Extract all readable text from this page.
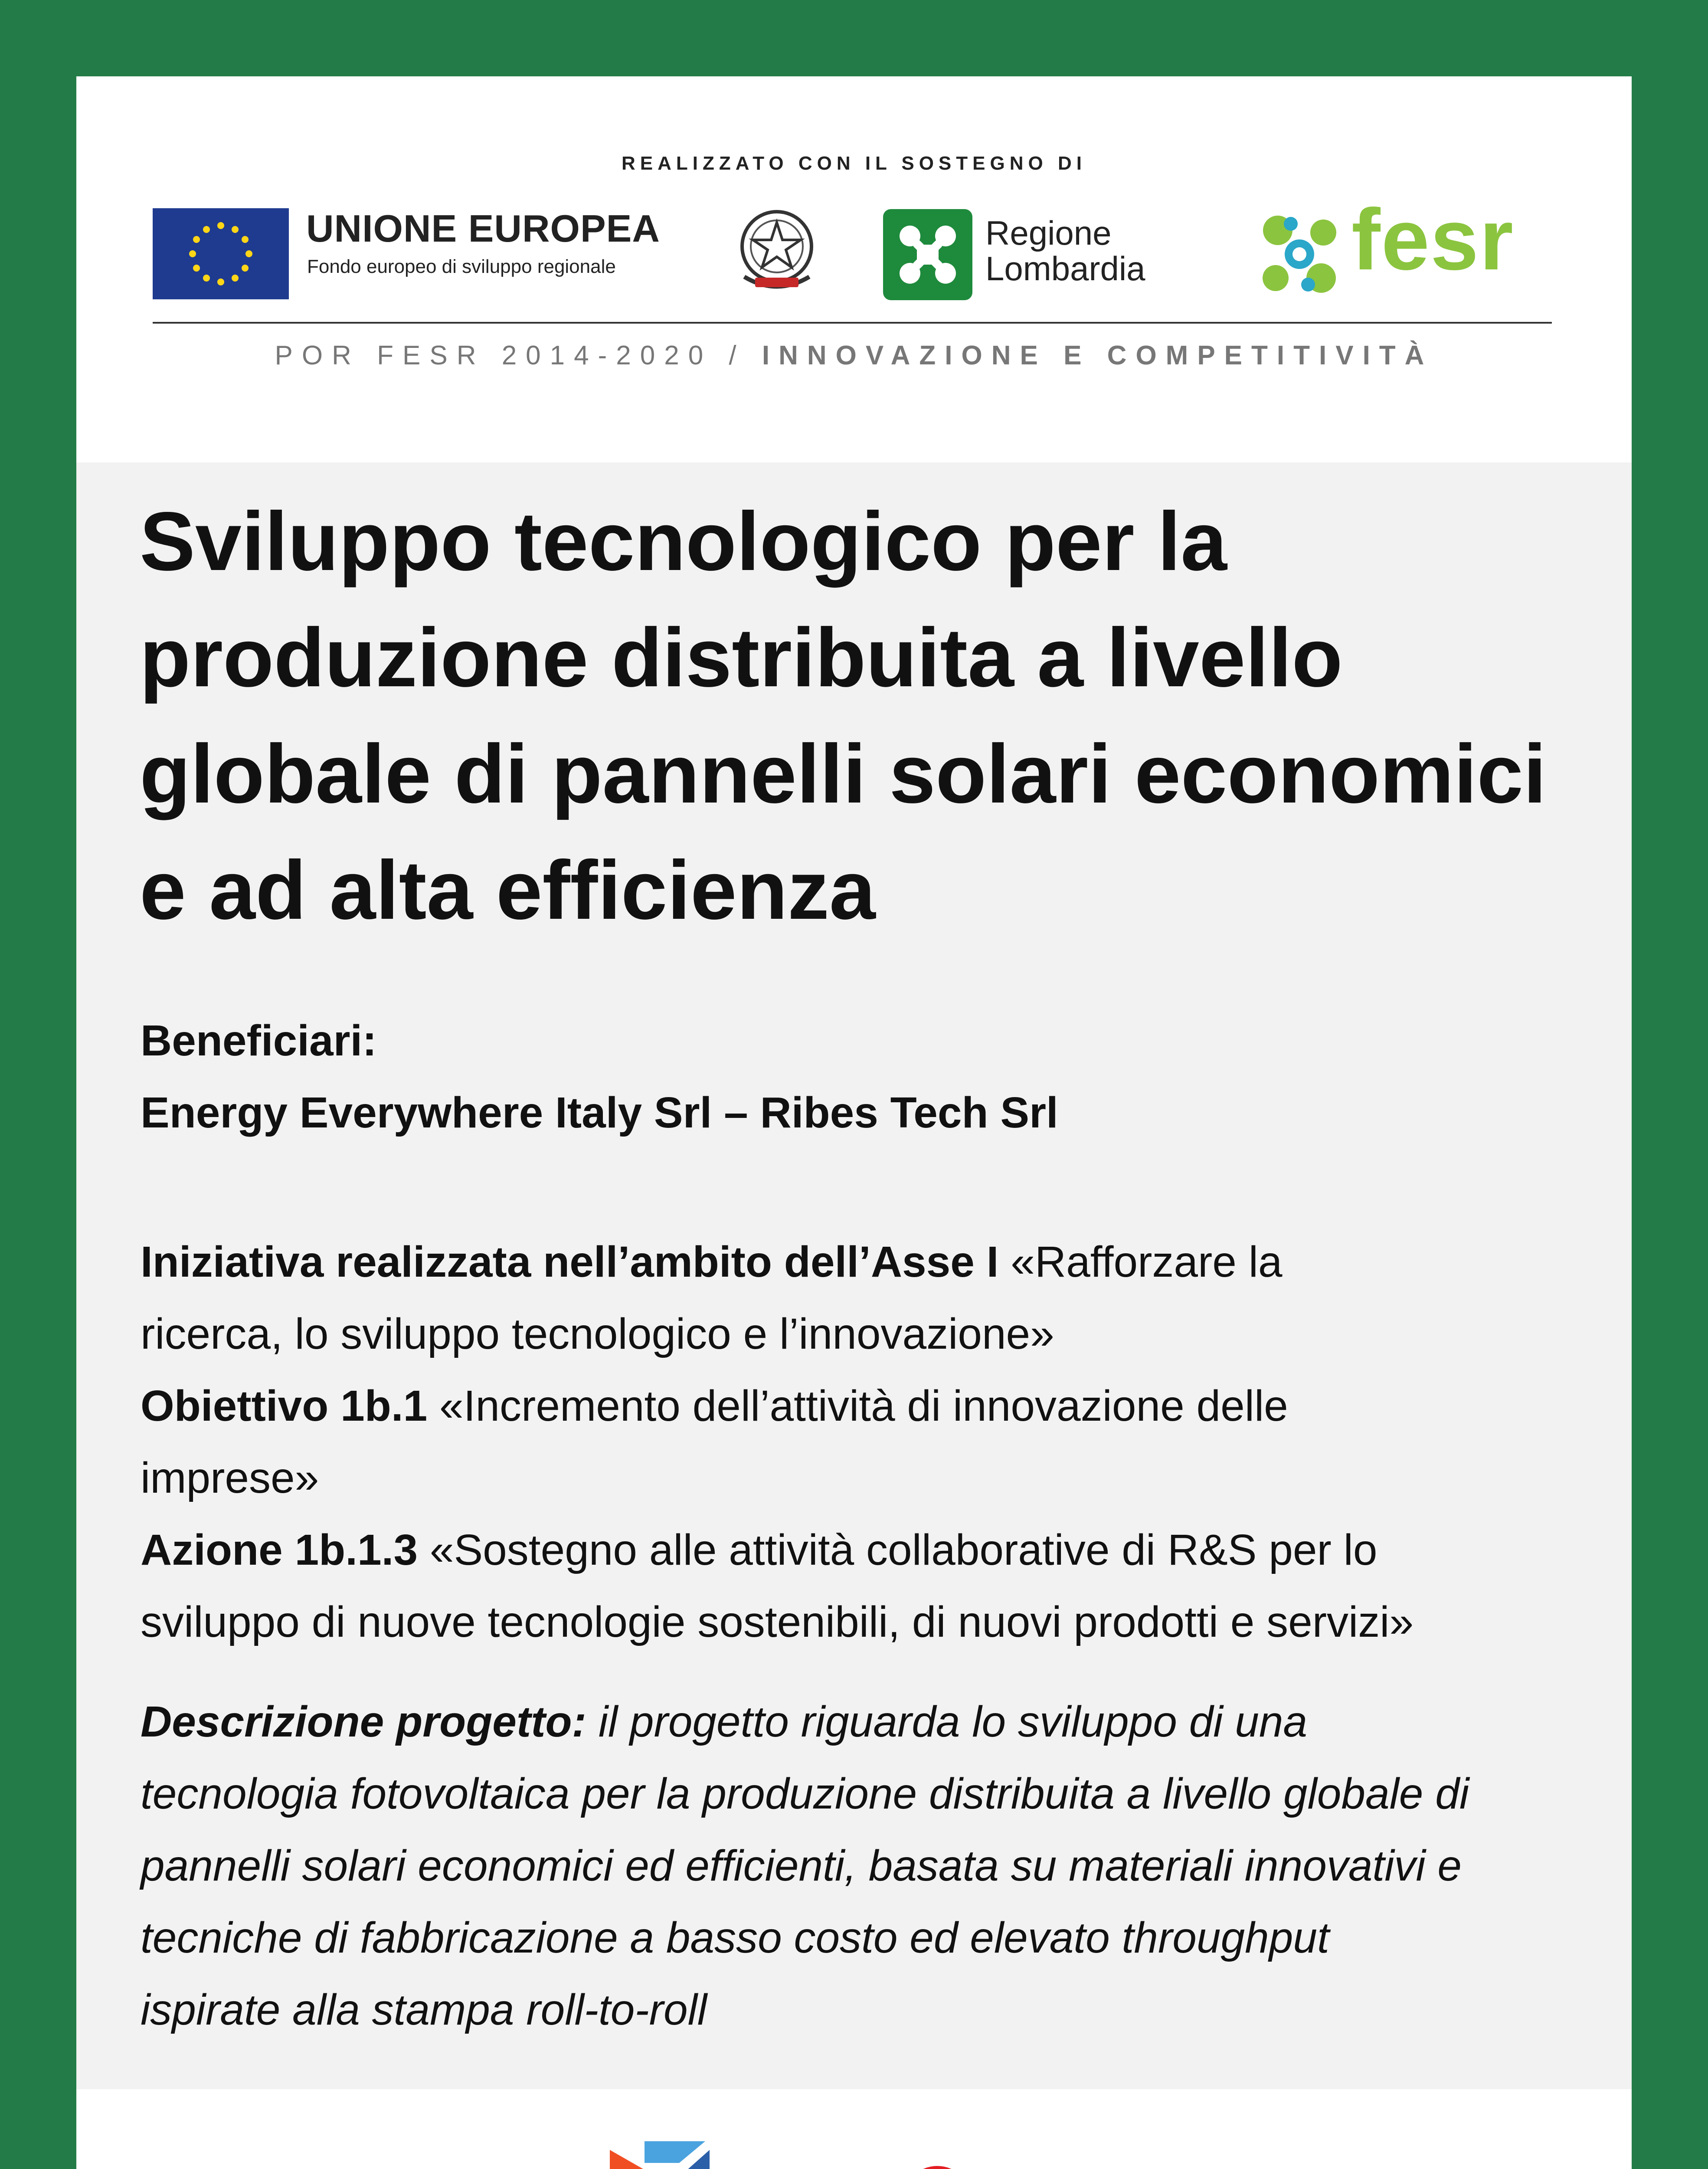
REALIZZATO CON IL SOSTEGNO DI
UNIONE EUROPEA
Fondo europeo di sviluppo regionale
Regione
Lombardia fesr
POR FESR 2014-2020 / INNOVAZIONE E COMPETITIVITÀ
Sviluppo tecnologico per la produzione distribuita a livello globale di pannelli solari economici e ad alta efficienza
Beneficiari:
Energy Everywhere Italy Srl – Ribes Tech Srl
Iniziativa realizzata nell’ambito dell’Asse I «Rafforzare la
ricerca, lo sviluppo tecnologico e l’innovazione»
Obiettivo 1b.1 «Incremento dell’attività di innovazione delle
imprese»
Azione 1b.1.3 «Sostegno alle attività collaborative di R&S per lo
sviluppo di nuove tecnologie sostenibili, di nuovi prodotti e servizi»
Descrizione progetto: il progetto riguarda lo sviluppo di una
tecnologia fotovoltaica per la produzione distribuita a livello globale di
pannelli solari economici ed efficienti, basata su materiali innovativi e
tecniche di fabbricazione a basso costo ed elevato throughput
ispirate alla stampa roll-to-roll
